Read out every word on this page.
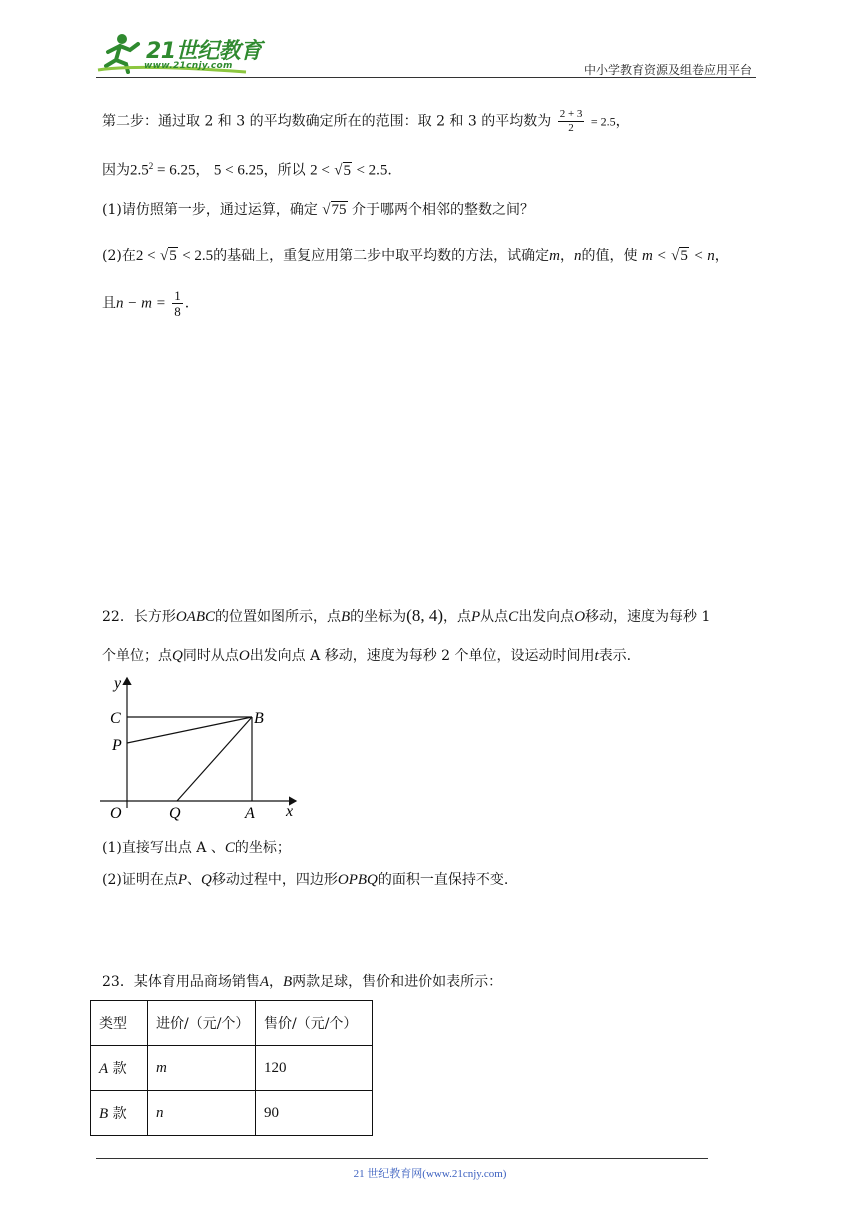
21世纪教育
www.21cnjy.com	中小学教育资源及组卷应用平台
第二步：通过取 2 和 3 的平均数确定所在的范围：取 2 和 3 的平均数为 $\frac{2 + 3}{2} = 2.5$，
因为$2.5^2 = 6.25$， 5 < 6.25，所以 2 < √5 < 2.5.
(1)请仿照第一步，通过运算，确定 √75 介于哪两个相邻的整数之间？
(2)在2 < √5 < 2.5的基础上，重复应用第二步中取平均数的方法，试确定m，n的值，使 m < √5 < n，
且$n - m = \frac{1}{8}$ .
22．长方形OABC的位置如图所示，点B的坐标为(8, 4)，点P从点C出发向点O移动，速度为每秒 1
个单位；点Q同时从点O出发向点 A 移动，速度为每秒 2 个单位，设运动时间用t表示.
y
C	B
P
O	Q	A x
(1)直接写出点 A 、C的坐标；
(2)证明在点P、Q移动过程中，四边形OPBQ的面积一直保持不变.
23．某体育用品商场销售A，B两款足球，售价和进价如表所示：
类型	进价/（元/个）	售价/（元/个）
A 款	m	120
B 款	n	90
21 世纪教育网(www.21cnjy.com)
